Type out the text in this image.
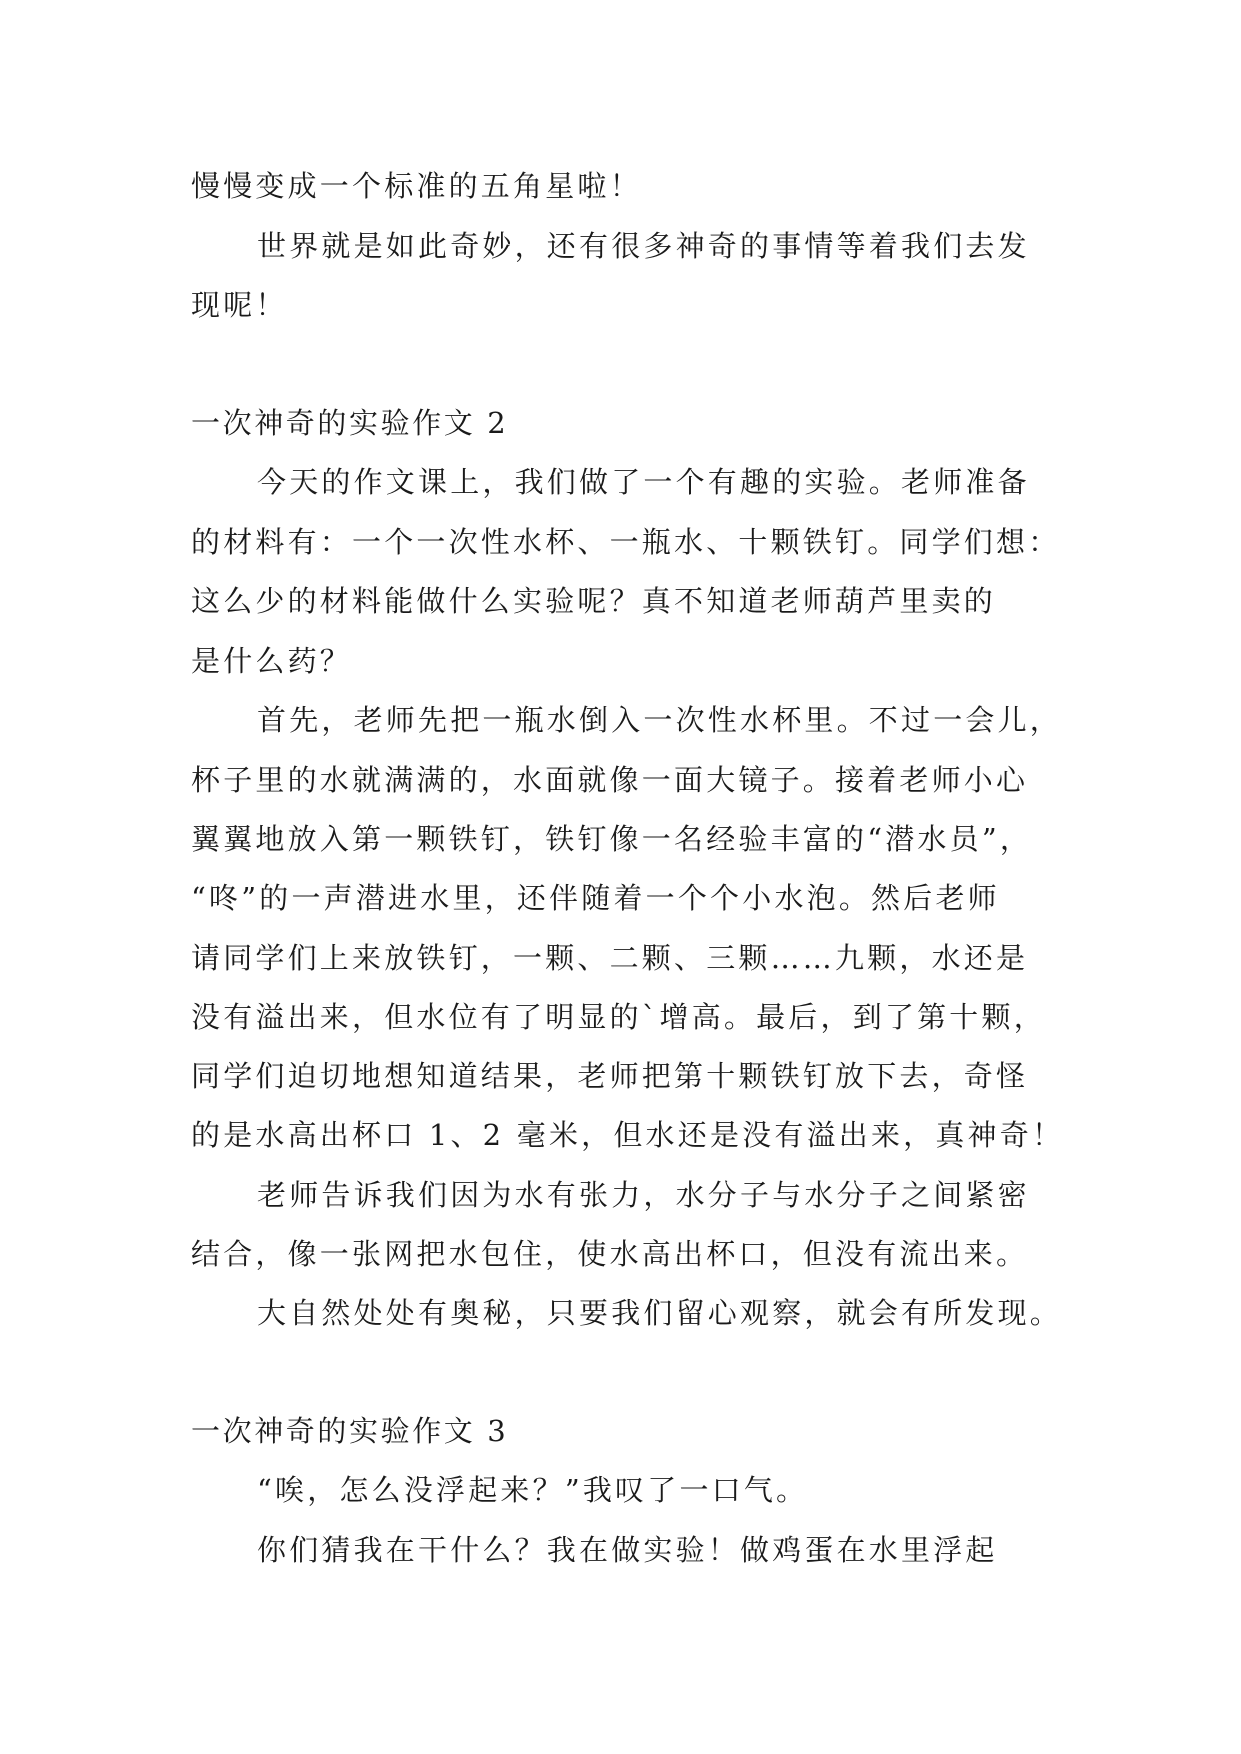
慢慢变成一个标准的五角星啦！
世界就是如此奇妙，还有很多神奇的事情等着我们去发
现呢！
一次神奇的实验作文 2
今天的作文课上，我们做了一个有趣的实验。老师准备
的材料有：一个一次性水杯、一瓶水、十颗铁钉。同学们想：
这么少的材料能做什么实验呢？真不知道老师葫芦里卖的
是什么药？
首先，老师先把一瓶水倒入一次性水杯里。不过一会儿，
杯子里的水就满满的，水面就像一面大镜子。接着老师小心
翼翼地放入第一颗铁钉，铁钉像一名经验丰富的“潜水员”，
“咚”的一声潜进水里，还伴随着一个个小水泡。然后老师
请同学们上来放铁钉，一颗、二颗、三颗……九颗，水还是
没有溢出来，但水位有了明显的`增高。最后，到了第十颗，
同学们迫切地想知道结果，老师把第十颗铁钉放下去，奇怪
的是水高出杯口 1、2 毫米，但水还是没有溢出来，真神奇！
老师告诉我们因为水有张力，水分子与水分子之间紧密
结合，像一张网把水包住，使水高出杯口，但没有流出来。
大自然处处有奥秘，只要我们留心观察，就会有所发现。
一次神奇的实验作文 3
“唉，怎么没浮起来？”我叹了一口气。
你们猜我在干什么？我在做实验！做鸡蛋在水里浮起
